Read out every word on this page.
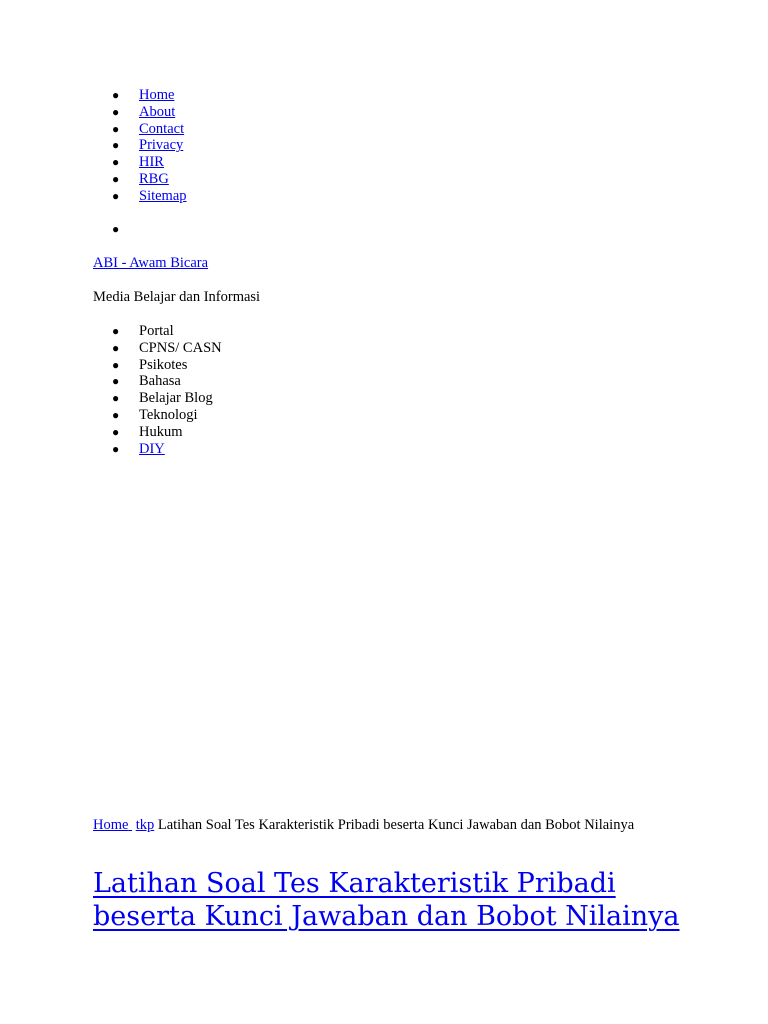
● Home
● About
● Contact
● Privacy
● HIR
● RBG
● Sitemap
●
ABI - Awam Bicara
Media Belajar dan Informasi
● Portal
● CPNS/ CASN
● Psikotes
● Bahasa
● Belajar Blog
● Teknologi
● Hukum
● DIY
Home tkp Latihan Soal Tes Karakteristik Pribadi beserta Kunci Jawaban dan Bobot Nilainya
Latihan Soal Tes Karakteristik Pribadi beserta Kunci Jawaban dan Bobot Nilainya
